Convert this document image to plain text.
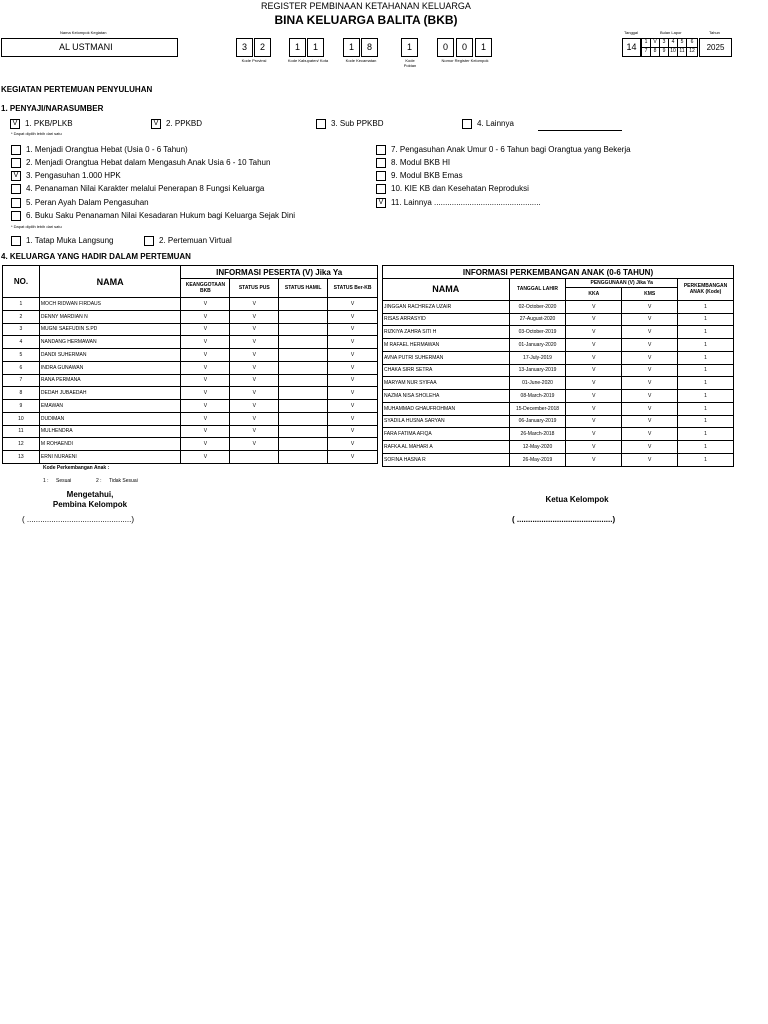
REGISTER PEMBINAAN KETAHANAN KELUARGA
BINA KELUARGA BALITA (BKB)
Nama Kelompok Kegiatan
AL USTMANI	3	2
Kode Provinsi
1	1
Kode Kabupaten/ Kota
1	8
Kode Kecamatan
1
Kode Poktan
0	0	1
Nomor Register Kelompok
Tanggal	Bulan Lapor	Tahun
14	1	V	3	4	5	6
7	8	9 10 11 12	2025
KEGIATAN PERTEMUAN PENYULUHAN
1. PENYAJI/NARASUMBER
V 1. PKB/PLKB	V 2. PPKBD	3. Sub PPKBD	4. Lainnya
* Dapat dipilih lebih dari satu
1. Menjadi Orangtua Hebat (Usia 0 - 6 Tahun)
2. Menjadi Orangtua Hebat dalam Mengasuh Anak Usia 6 - 10 Tahun
V 3. Pengasuhan 1.000 HPK
4. Penanaman Nilai Karakter melalui Penerapan 8 Fungsi Keluarga
5. Peran Ayah Dalam Pengasuhan
6. Buku Saku Penanaman Nilai Kesadaran Hukum bagi Keluarga Sejak Dini
* Dapat dipilih lebih dari satu
7. Pengasuhan Anak Umur 0 - 6 Tahun bagi Orangtua yang Bekerja
8. Modul BKB HI
9. Modul BKB Emas
10. KIE KB dan Kesehatan Reproduksi
V 11. Lainnya ................................................
1. Tatap Muka Langsung	2. Pertemuan Virtual
4. KELUARGA YANG HADIR DALAM PERTEMUAN
NO.	NAMA	INFORMASI PESERTA (V) Jika Ya			
		KEANGGOTAAN BKB	STATUS PUS	STATUS HAMIL	STATUS Ber-KB
1	MOCH RIDWAN FIRDAUS	V	V		V
2	DENNY MARDIAN N	V	V		V
3	MUGNI SAEFUDIN S.PD	V	V		V
4	NANDANG HERMAWAN	V	V		V
5	DANDI SUHERMAN	V	V		V
6	INDRA GUNAWAN	V	V		V
7	RANA PERMANA	V	V		V
8	DEDAH JUBAEDAH	V	V		V
9	EMAWAN	V	V		V
10	DUDIMAN	V	V		V
11	MULHENDRA	V	V		V
12	M ROHAENDI	V	V		V
13	ERNI NURAENI	V			V
INFORMASI PERKEMBANGAN ANAK (0-6 TAHUN)				
NAMA	TANGGAL LAHIR	PENGGUNAAN (V) Jika Ya		PERKEMBANGAN ANAK (Kode)
		KKA	KMS	
JINGGAN RACHREZA UZAIR	02-October-2020	V	V	1
RISAS ARRASYID	27-August-2020	V	V	1
RIZKIYA ZAHRA SITI H	03-October-2019	V	V	1
M RAFAEL HERMAWAN	01-January-2020	V	V	1
AVNA PUTRI SUHERMAN	17-July-2019	V	V	1
CHAKA SIRR SETRA	13-January-2019	V	V	1
MARYAM NUR SYIFAA	01-June-2020	V	V	1
NAZMA NISA SHOLEHA	08-March-2019	V	V	1
MUHAMMAD GHAUFROHMAN	15-December-2018	V	V	1
SYADILA HUSNA SARYAN	06-January-2019	V	V	1
FARA FATIMA AFIQA	26-March-2018	V	V	1
RAFKA AL MAHARI A	12-May-2020	V	V	1
SOFINA HASNA R	26-May-2019	V	V	1
Kode Perkembangan Anak :
1 : Sesuai	2 : Tidak Sesuai
Mengetahui,
Pembina Kelompok
( ...............................................)
Ketua Kelompok
( ...........................................)
